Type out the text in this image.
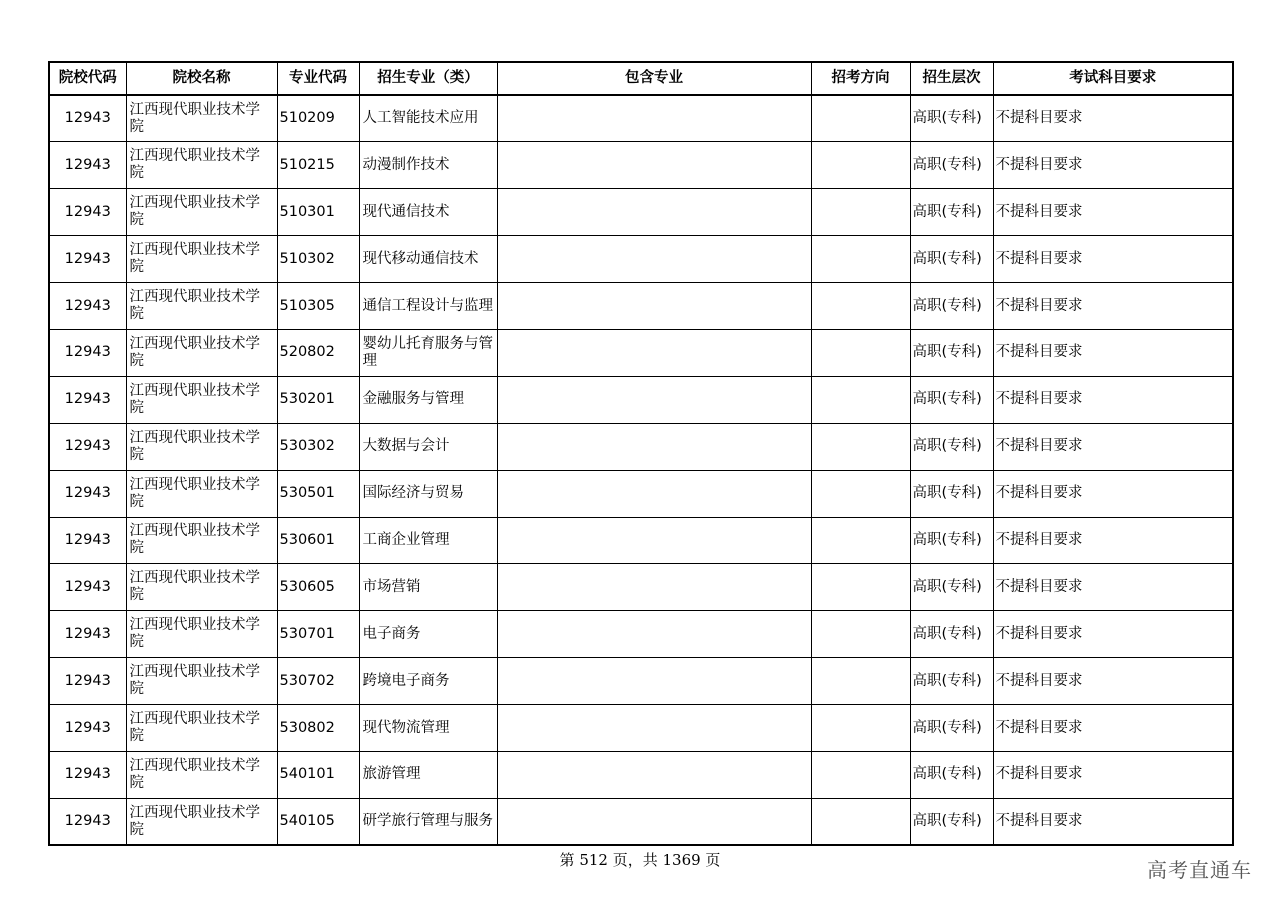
院校代码	院校名称	专业代码	招生专业（类）	包含专业	招考方向	招生层次	考试科目要求
12943	江西现代职业技术学院	510209	人工智能技术应用			高职(专科)	不提科目要求
12943	江西现代职业技术学院	510215	动漫制作技术			高职(专科)	不提科目要求
12943	江西现代职业技术学院	510301	现代通信技术			高职(专科)	不提科目要求
12943	江西现代职业技术学院	510302	现代移动通信技术			高职(专科)	不提科目要求
12943	江西现代职业技术学院	510305	通信工程设计与监理			高职(专科)	不提科目要求
12943	江西现代职业技术学院	520802	婴幼儿托育服务与管理			高职(专科)	不提科目要求
12943	江西现代职业技术学院	530201	金融服务与管理			高职(专科)	不提科目要求
12943	江西现代职业技术学院	530302	大数据与会计			高职(专科)	不提科目要求
12943	江西现代职业技术学院	530501	国际经济与贸易			高职(专科)	不提科目要求
12943	江西现代职业技术学院	530601	工商企业管理			高职(专科)	不提科目要求
12943	江西现代职业技术学院	530605	市场营销			高职(专科)	不提科目要求
12943	江西现代职业技术学院	530701	电子商务			高职(专科)	不提科目要求
12943	江西现代职业技术学院	530702	跨境电子商务			高职(专科)	不提科目要求
12943	江西现代职业技术学院	530802	现代物流管理			高职(专科)	不提科目要求
12943	江西现代职业技术学院	540101	旅游管理			高职(专科)	不提科目要求
12943	江西现代职业技术学院	540105	研学旅行管理与服务			高职(专科)	不提科目要求
第 512 页，共 1369 页	高考直通车
